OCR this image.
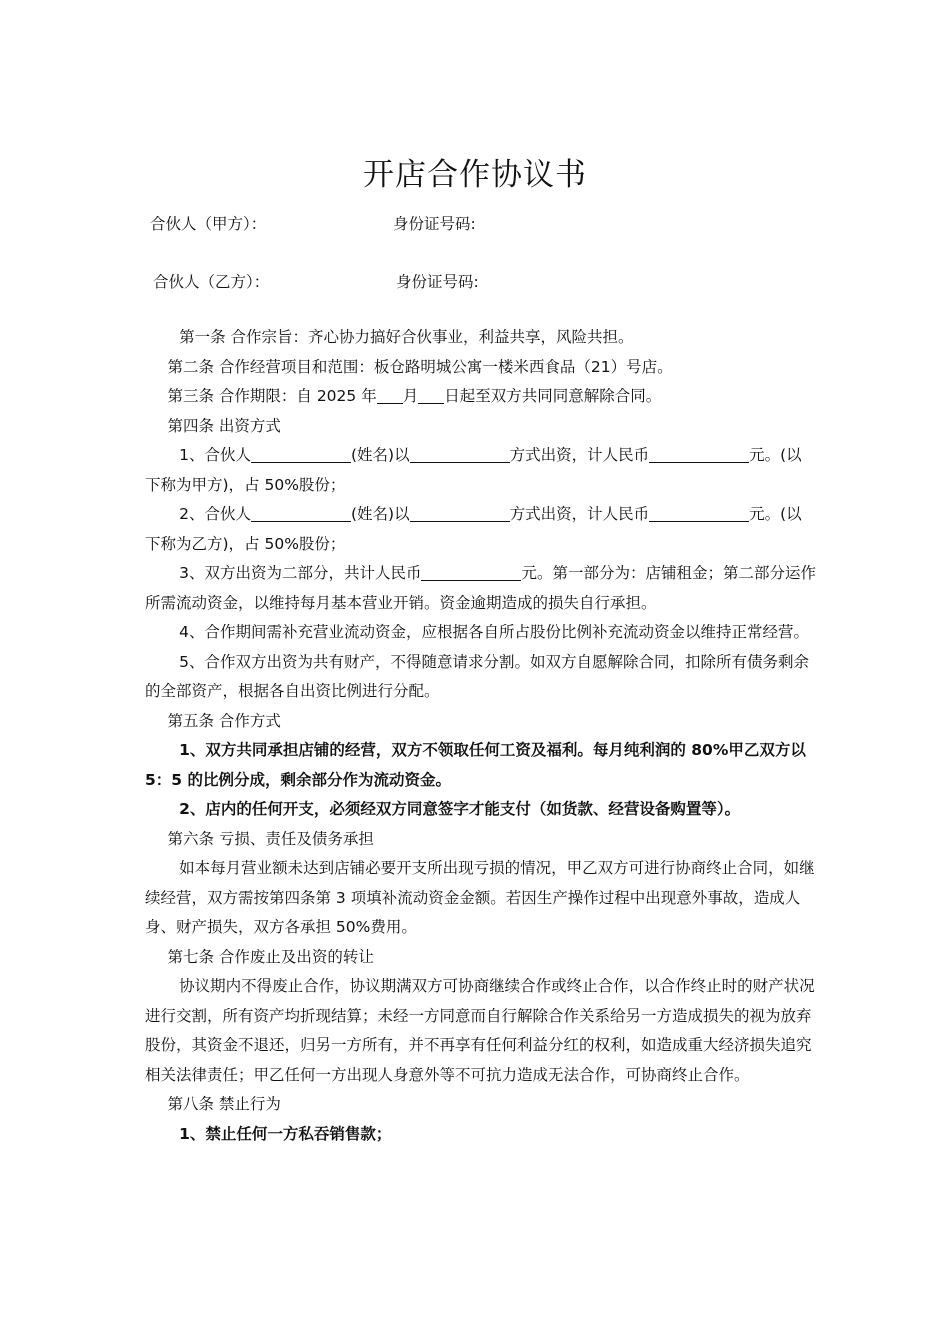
开店合作协议书
合伙人（甲方）：	身份证号码:
合伙人（乙方）：	身份证号码:

第一条 合作宗旨：齐心协力搞好合伙事业，利益共享，风险共担。

第二条 合作经营项目和范围：板仓路明城公寓一楼米西食品（21）号店。

第三条 合作期限：自 2025 年 月 日起至双方共同同意解除合同。

第四条 出资方式

1、合伙人	(姓名)以	方式出资，计人民币	元。(以下称为甲方)，占 50%股份；

2、合伙人	(姓名)以	方式出资，计人民币	元。(以下称为乙方)，占 50%股份；

3、双方出资为二部分，共计人民币	元。第一部分为：店铺租金；第二部分运作所需流动资金，以维持每月基本营业开销。资金逾期造成的损失自行承担。

4、合作期间需补充营业流动资金，应根据各自所占股份比例补充流动资金以维持正常经营。

5、合作双方出资为共有财产，不得随意请求分割。如双方自愿解除合同，扣除所有债务剩余的全部资产，根据各自出资比例进行分配。

第五条 合作方式

1、双方共同承担店铺的经营，双方不领取任何工资及福利。每月纯利润的 80%甲乙双方以 5：5 的比例分成，剩余部分作为流动资金。

2、店内的任何开支，必须经双方同意签字才能支付（如货款、经营设备购置等）。

第六条 亏损、责任及债务承担

如本每月营业额未达到店铺必要开支所出现亏损的情况，甲乙双方可进行协商终止合同，如继续经营，双方需按第四条第 3 项填补流动资金金额。若因生产操作过程中出现意外事故，造成人身、财产损失，双方各承担 50%费用。

第七条 合作废止及出资的转让

协议期内不得废止合作，协议期满双方可协商继续合作或终止合作，以合作终止时的财产状况进行交割，所有资产均折现结算；未经一方同意而自行解除合作关系给另一方造成损失的视为放弃股份，其资金不退还，归另一方所有，并不再享有任何利益分红的权利，如造成重大经济损失追究相关法律责任；甲乙任何一方出现人身意外等不可抗力造成无法合作，可协商终止合作。

第八条 禁止行为

1、禁止任何一方私吞销售款；
